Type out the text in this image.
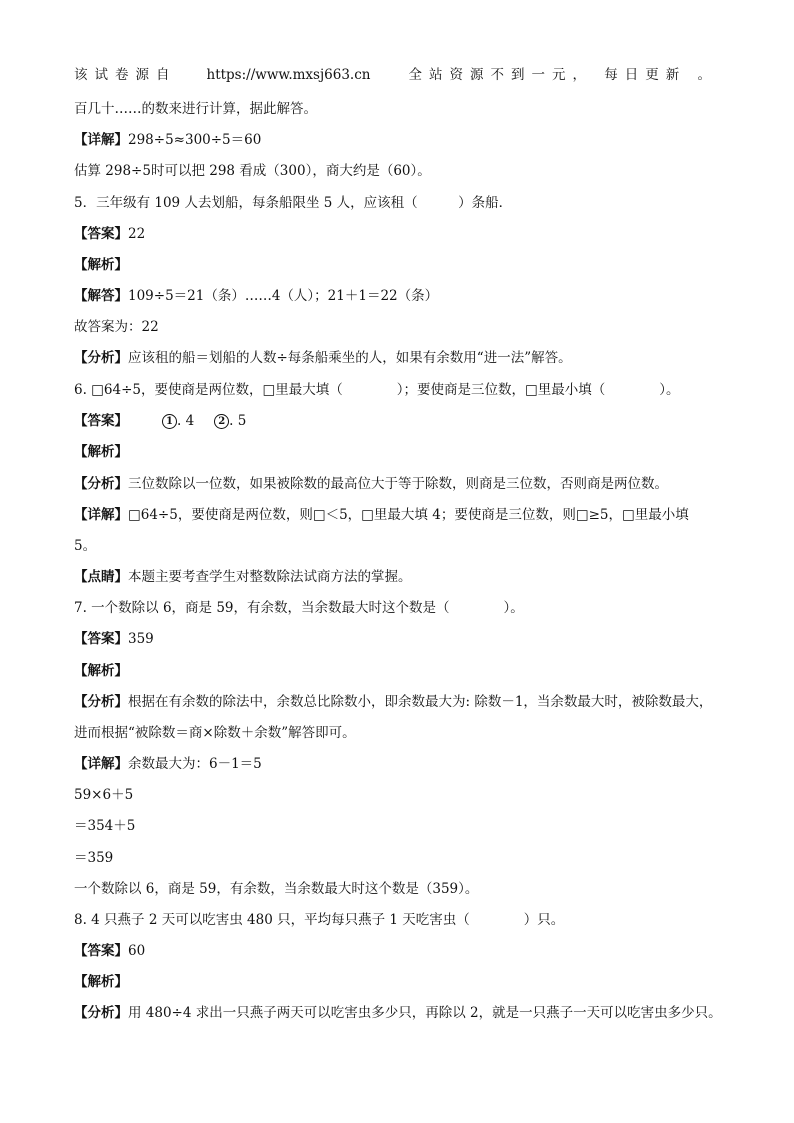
该试卷源自 https://www.mxsj663.cn	全站资源不到一元， 每日更新 。
百几十……的数来进行计算，据此解答。
【详解】298÷5≈300÷5＝60
估算 298÷5时可以把 298 看成（300），商大约是（60）。
5．三年级有 109 人去划船，每条船限坐 5 人，应该租（　　　）条船．
【答案】22
【解析】
【解答】109÷5＝21（条）……4（人）；21＋1＝22（条）
故答案为：22
【分析】应该租的船＝划船的人数÷每条船乘坐的人，如果有余数用“进一法”解答。
6. □64÷5，要使商是两位数，□里最大填（　　　　）；要使商是三位数，□里最小填（　　　　）。
【答案】	1 . 4 2 . 5
【解析】
【分析】三位数除以一位数，如果被除数的最高位大于等于除数，则商是三位数，否则商是两位数。
【详解】□64÷5，要使商是两位数，则□＜5，□里最大填 4；要使商是三位数，则□≥5，□里最小填
5。
【点睛】本题主要考查学生对整数除法试商方法的掌握。
7. 一个数除以 6，商是 59，有余数，当余数最大时这个数是（　　　　）。
【答案】359
【解析】
【分析】根据在有余数的除法中，余数总比除数小，即余数最大为: 除数－1，当余数最大时，被除数最大，
进而根据“被除数＝商×除数＋余数”解答即可。
【详解】余数最大为：6－1＝5
59×6＋5
＝354＋5
＝359
一个数除以 6，商是 59，有余数，当余数最大时这个数是（359）。
8. 4 只燕子 2 天可以吃害虫 480 只，平均每只燕子 1 天吃害虫（　　　　）只。
【答案】60
【解析】
【分析】用 480÷4 求出一只燕子两天可以吃害虫多少只，再除以 2，就是一只燕子一天可以吃害虫多少只。
